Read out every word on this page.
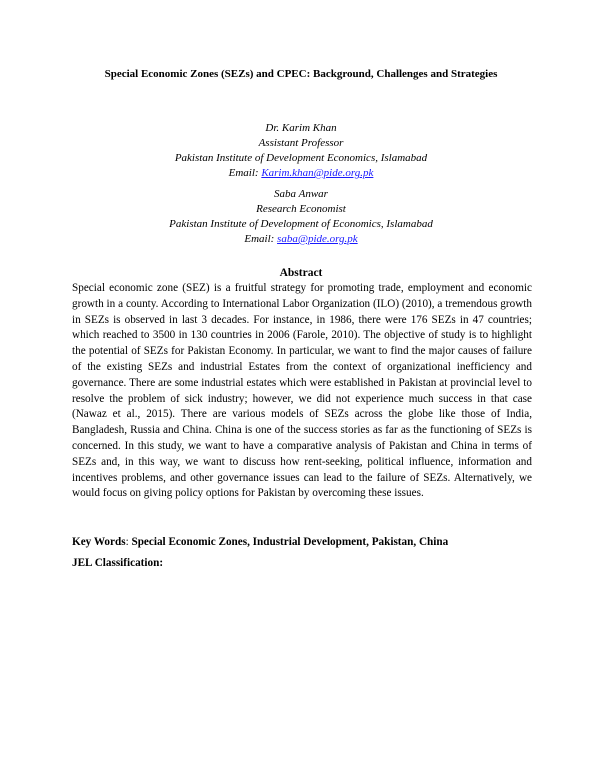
Special Economic Zones (SEZs) and CPEC: Background, Challenges and Strategies
Dr. Karim Khan
Assistant Professor
Pakistan Institute of Development Economics, Islamabad
Email: Karim.khan@pide.org.pk
Saba Anwar
Research Economist
Pakistan Institute of Development of Economics, Islamabad
Email: saba@pide.org.pk
Abstract
Special economic zone (SEZ) is a fruitful strategy for promoting trade, employment and economic growth in a county. According to International Labor Organization (ILO) (2010), a tremendous growth in SEZs is observed in last 3 decades. For instance, in 1986, there were 176 SEZs in 47 countries; which reached to 3500 in 130 countries in 2006 (Farole, 2010). The objective of study is to highlight the potential of SEZs for Pakistan Economy. In particular, we want to find the major causes of failure of the existing SEZs and industrial Estates from the context of organizational inefficiency and governance. There are some industrial estates which were established in Pakistan at provincial level to resolve the problem of sick industry; however, we did not experience much success in that case (Nawaz et al., 2015). There are various models of SEZs across the globe like those of India, Bangladesh, Russia and China. China is one of the success stories as far as the functioning of SEZs is concerned. In this study, we want to have a comparative analysis of Pakistan and China in terms of SEZs and, in this way, we want to discuss how rent-seeking, political influence, information and incentives problems, and other governance issues can lead to the failure of SEZs. Alternatively, we would focus on giving policy options for Pakistan by overcoming these issues.
Key Words: Special Economic Zones, Industrial Development, Pakistan, China
JEL Classification:
